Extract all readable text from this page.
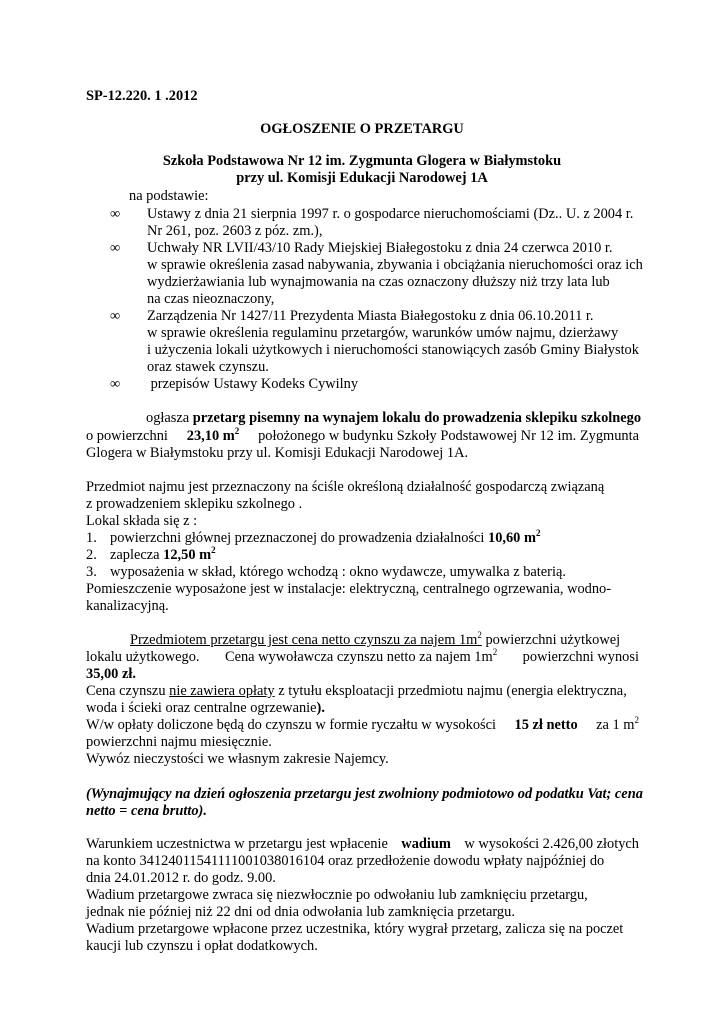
SP-12.220. 1 .2012
OGŁOSZENIE O PRZETARGU
Szkoła Podstawowa Nr 12 im. Zygmunta Glogera w Białymstoku
przy ul. Komisji Edukacji Narodowej 1A
na podstawie:
∞ Ustawy z dnia 21 sierpnia 1997 r. o gospodarce nieruchomościami (Dz.. U. z 2004 r.
Nr 261, poz. 2603 z póz. zm.),
∞ Uchwały NR LVII/43/10 Rady Miejskiej Białegostoku z dnia 24 czerwca 2010 r.
w sprawie określenia zasad nabywania, zbywania i obciążania nieruchomości oraz ich
wydzierżawiania lub wynajmowania na czas oznaczony dłuższy niż trzy lata lub
na czas nieoznaczony,
∞ Zarządzenia Nr 1427/11 Prezydenta Miasta Białegostoku z dnia 06.10.2011 r.
w sprawie określenia regulaminu przetargów, warunków umów najmu, dzierżawy
i użyczenia lokali użytkowych i nieruchomości stanowiących zasób Gminy Białystok
oraz stawek czynszu.
∞ przepisów Ustawy Kodeks Cywilny
ogłasza przetarg pisemny na wynajem lokalu do prowadzenia sklepiku szkolnego
o powierzchni 23,10 $m^2$ położonego w budynku Szkoły Podstawowej Nr 12 im. Zygmunta
Glogera w Białymstoku przy ul. Komisji Edukacji Narodowej 1A.
Przedmiot najmu jest przeznaczony na ściśle określoną działalność gospodarczą związaną
z prowadzeniem sklepiku szkolnego .
Lokal składa się z :
1. powierzchni głównej przeznaczonej do prowadzenia działalności 10,60 $m^2$
2. zaplecza 12,50 $m^2$
3. wyposażenia w skład, którego wchodzą : okno wydawcze, umywalka z baterią.
Pomieszczenie wyposażone jest w instalacje: elektryczną, centralnego ogrzewania, wodno-
kanalizacyjną.
Przedmiotem przetargu jest cena netto czynszu za najem $1m^2$ powierzchni użytkowej
lokalu użytkowego. Cena wywoławcza czynszu netto za najem $1m^2$ powierzchni wynosi
35,00 zł.
Cena czynszu nie zawiera opłaty z tytułu eksploatacji przedmiotu najmu (energia elektryczna,
woda i ścieki oraz centralne ogrzewanie).
W/w opłaty doliczone będą do czynszu w formie ryczałtu w wysokości 15 zł netto za 1 $m^2$
powierzchni najmu miesięcznie.
Wywóz nieczystości we własnym zakresie Najemcy.
(Wynajmujący na dzień ogłoszenia przetargu jest zwolniony podmiotowo od podatku Vat; cena
netto = cena brutto).
Warunkiem uczestnictwa w przetargu jest wpłacenie wadium w wysokości 2.426,00 złotych
na konto 34124011541111001038016104 oraz przedłożenie dowodu wpłaty najpóźniej do
dnia 24.01.2012 r. do godz. 9.00.
Wadium przetargowe zwraca się niezwłocznie po odwołaniu lub zamknięciu przetargu,
jednak nie później niż 22 dni od dnia odwołania lub zamknięcia przetargu.
Wadium przetargowe wpłacone przez uczestnika, który wygrał przetarg, zalicza się na poczet
kaucji lub czynszu i opłat dodatkowych.
